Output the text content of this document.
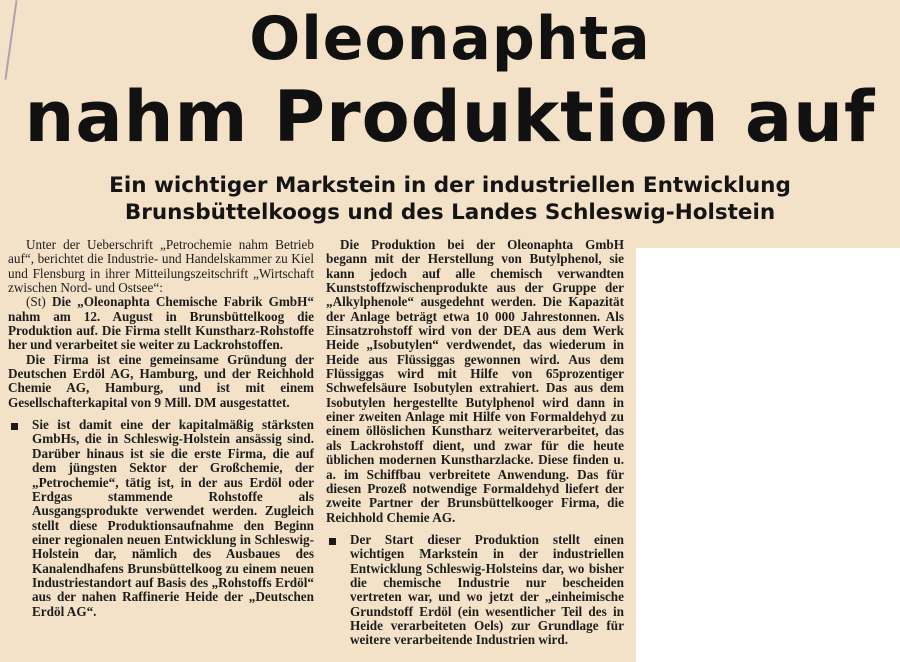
Oleonaphta
nahm Produktion auf
Ein wichtiger Markstein in der industriellen Entwicklung
Brunsbüttelkoogs und des Landes Schleswig-Holstein

Unter der Ueberschrift „Petrochemie nahm Betrieb auf“, berichtet die Industrie- und Handelskammer zu Kiel und Flensburg in ihrer Mitteilungszeitschrift „Wirtschaft zwischen Nord- und Ostsee“:

(St) Die „Oleonaphta Chemische Fabrik GmbH“ nahm am 12. August in Brunsbüttelkoog die Produktion auf. Die Firma stellt Kunstharz-Rohstoffe her und verarbeitet sie weiter zu Lackrohstoffen.

Die Firma ist eine gemeinsame Gründung der Deutschen Erdöl AG, Hamburg, und der Reichhold Chemie AG, Hamburg, und ist mit einem Gesellschafterkapital von 9 Mill. DM ausgestattet.

Sie ist damit eine der kapitalmäßig stärksten GmbHs, die in Schleswig-Holstein ansässig sind. Darüber hinaus ist sie die erste Firma, die auf dem jüngsten Sektor der Großchemie, der „Petrochemie“, tätig ist, in der aus Erdöl oder Erdgas stammende Rohstoffe als Ausgangsprodukte verwendet werden. Zugleich stellt diese Produktionsaufnahme den Beginn einer regionalen neuen Entwicklung in Schleswig-Holstein dar, nämlich des Ausbaues des Kanalendhafens Brunsbüttelkoog zu einem neuen Industriestandort auf Basis des „Rohstoffs Erdöl“ aus der nahen Raffinerie Heide der „Deutschen Erdöl AG“.

Die Produktion bei der Oleonaphta GmbH begann mit der Herstellung von Butylphenol, sie kann jedoch auf alle chemisch verwandten Kunststoffzwischenprodukte aus der Gruppe der „Alkylphenole“ ausgedehnt werden. Die Kapazität der Anlage beträgt etwa 10 000 Jahrestonnen. Als Einsatzrohstoff wird von der DEA aus dem Werk Heide „Isobutylen“ verdwendet, das wiederum in Heide aus Flüssiggas gewonnen wird. Aus dem Flüssiggas wird mit Hilfe von 65prozentiger Schwefelsäure Isobutylen extrahiert. Das aus dem Isobutylen hergestellte Butylphenol wird dann in einer zweiten Anlage mit Hilfe von Formaldehyd zu einem öllöslichen Kunstharz weiterverarbeitet, das als Lackrohstoff dient, und zwar für die heute üblichen modernen Kunstharzlacke. Diese finden u. a. im Schiffbau verbreitete Anwendung. Das für diesen Prozeß notwendige Formaldehyd liefert der zweite Partner der Brunsbüttelkooger Firma, die Reichhold Chemie AG.

Der Start dieser Produktion stellt einen wichtigen Markstein in der industriellen Entwicklung Schleswig-Holsteins dar, wo bisher die chemische Industrie nur bescheiden vertreten war, und wo jetzt der „einheimische Grundstoff Erdöl (ein wesentlicher Teil des in Heide verarbeiteten Oels) zur Grundlage für weitere verarbeitende Industrien wird.
